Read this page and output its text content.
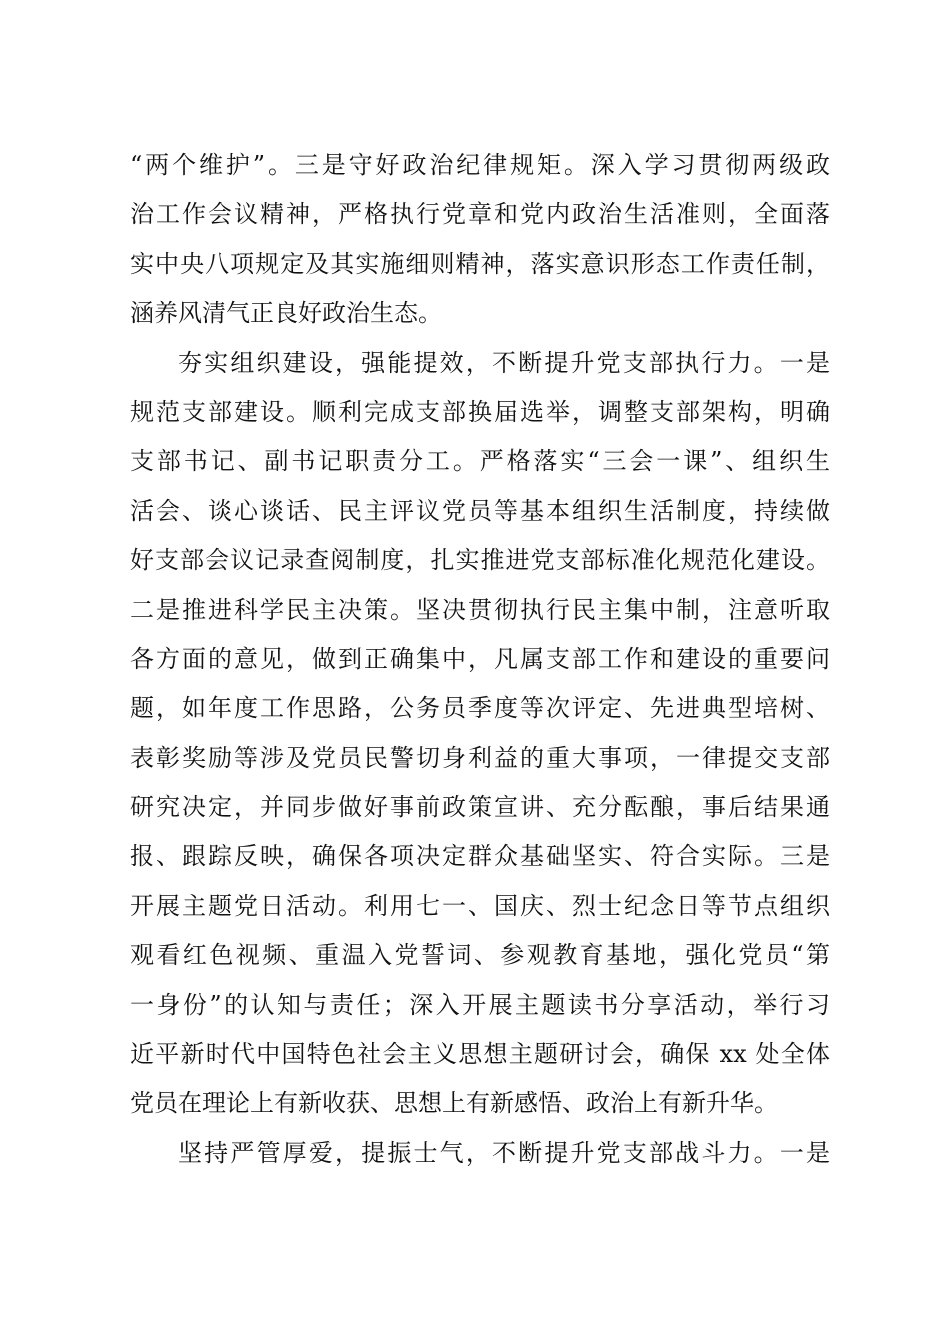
“两个维护”。三是守好政治纪律规矩。深入学习贯彻两级政
治工作会议精神，严格执行党章和党内政治生活准则，全面落
实中央八项规定及其实施细则精神，落实意识形态工作责任制，
涵养风清气正良好政治生态。
夯实组织建设，强能提效，不断提升党支部执行力。一是
规范支部建设。顺利完成支部换届选举，调整支部架构，明确
支部书记、副书记职责分工。严格落实“三会一课”、组织生
活会、谈心谈话、民主评议党员等基本组织生活制度，持续做
好支部会议记录查阅制度，扎实推进党支部标准化规范化建设。
二是推进科学民主决策。坚决贯彻执行民主集中制，注意听取
各方面的意见，做到正确集中，凡属支部工作和建设的重要问
题，如年度工作思路，公务员季度等次评定、先进典型培树、
表彰奖励等涉及党员民警切身利益的重大事项，一律提交支部
研究决定，并同步做好事前政策宣讲、充分酝酿，事后结果通
报、跟踪反映，确保各项决定群众基础坚实、符合实际。三是
开展主题党日活动。利用七一、国庆、烈士纪念日等节点组织
观看红色视频、重温入党誓词、参观教育基地，强化党员“第
一身份”的认知与责任；深入开展主题读书分享活动，举行习
近平新时代中国特色社会主义思想主题研讨会，确保 xx 处全体
党员在理论上有新收获、思想上有新感悟、政治上有新升华。
坚持严管厚爱，提振士气，不断提升党支部战斗力。一是
